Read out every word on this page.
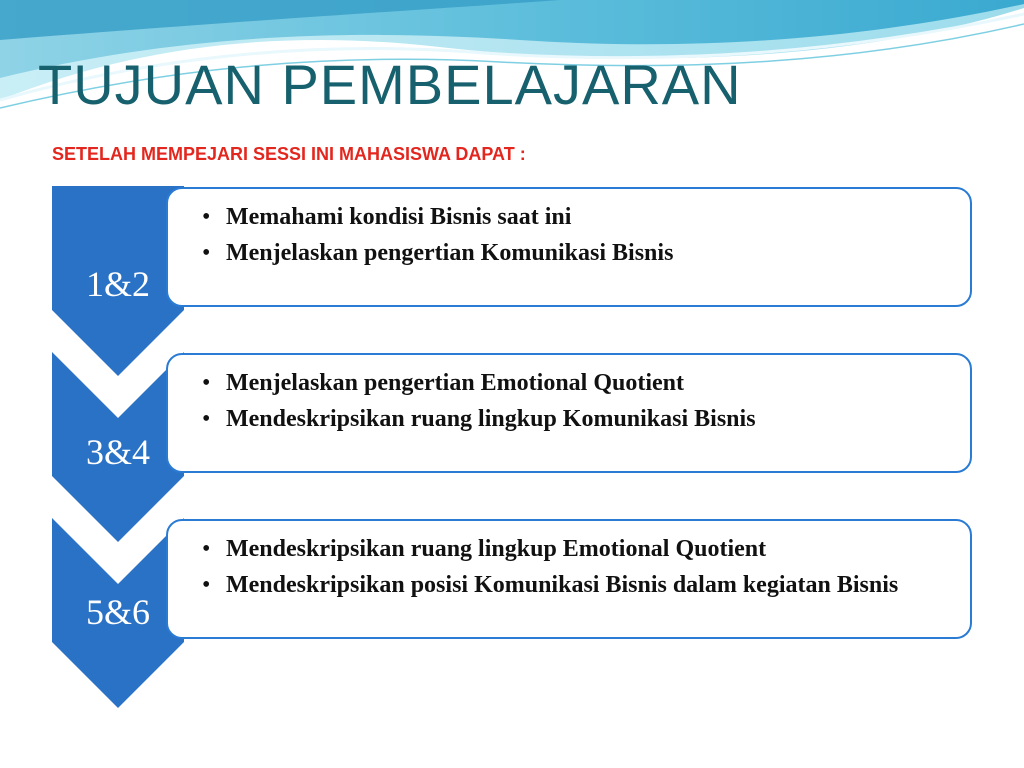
TUJUAN PEMBELAJARAN
SETELAH MEMPEJARI SESSI INI MAHASISWA DAPAT :
• Memahami kondisi Bisnis saat ini
• Menjelaskan pengertian Komunikasi Bisnis
1&2
• Menjelaskan pengertian Emotional Quotient
• Mendeskripsikan ruang lingkup Komunikasi Bisnis
3&4
• Mendeskripsikan ruang lingkup Emotional Quotient
• Mendeskripsikan posisi Komunikasi Bisnis dalam kegiatan Bisnis
5&6
